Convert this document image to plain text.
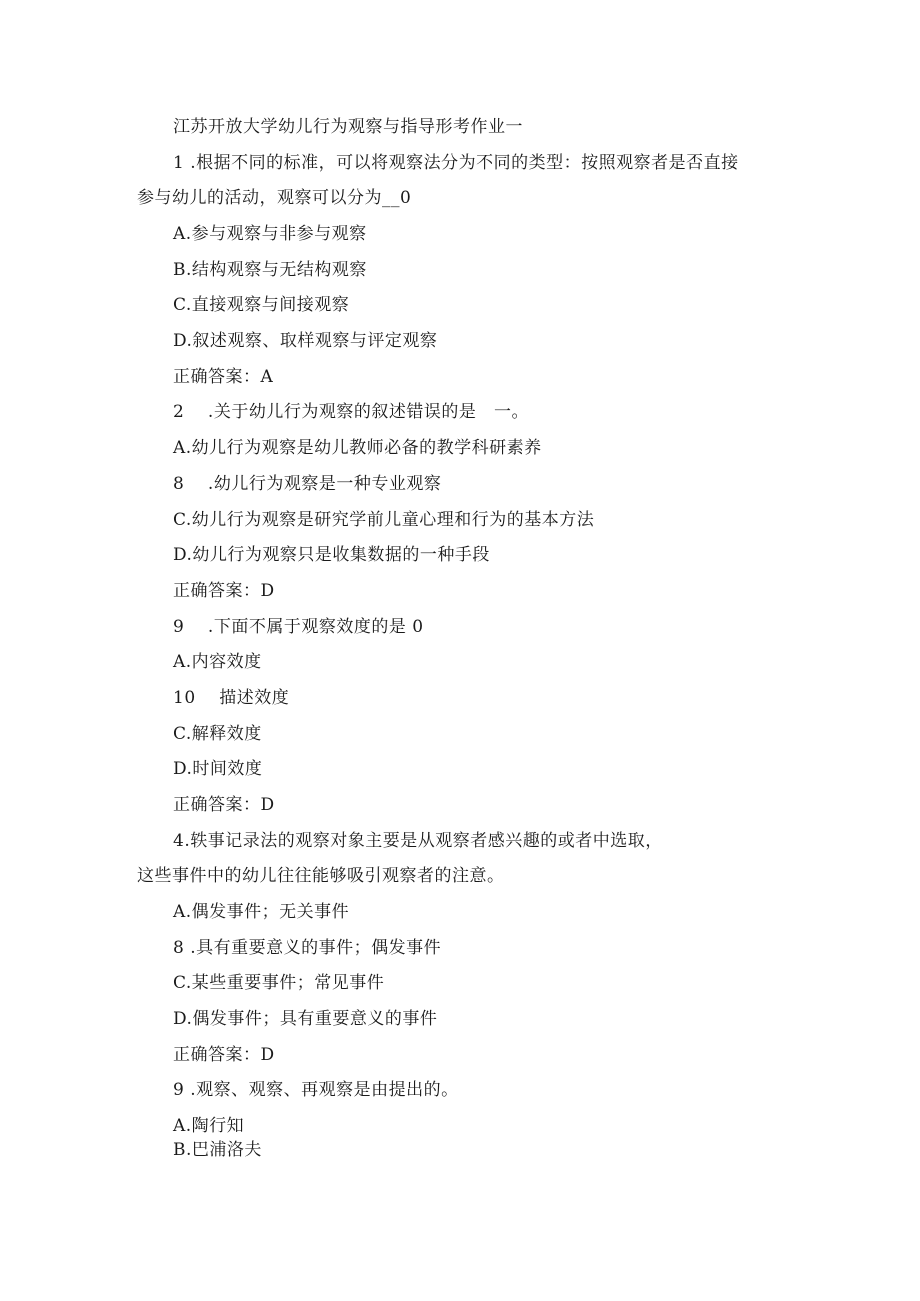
江苏开放大学幼儿行为观察与指导形考作业一
1 .根据不同的标准，可以将观察法分为不同的类型：按照观察者是否直接
参与幼儿的活动，观察可以分为__0
A.参与观察与非参与观察
B.结构观察与无结构观察
C.直接观察与间接观察
D.叙述观察、取样观察与评定观察
正确答案：A
2    .关于幼儿行为观察的叙述错误的是   一。
A.幼儿行为观察是幼儿教师必备的教学科研素养
8    .幼儿行为观察是一种专业观察
C.幼儿行为观察是研究学前儿童心理和行为的基本方法
D.幼儿行为观察只是收集数据的一种手段
正确答案：D
9    .下面不属于观察效度的是 0
A.内容效度
10    描述效度
C.解释效度
D.时间效度
正确答案：D
4.轶事记录法的观察对象主要是从观察者感兴趣的或者中选取，
这些事件中的幼儿往往能够吸引观察者的注意。
A.偶发事件；无关事件
8 .具有重要意义的事件；偶发事件
C.某些重要事件；常见事件
D.偶发事件；具有重要意义的事件
正确答案：D
9 .观察、观察、再观察是由提出的。
A.陶行知
B.巴浦洛夫
